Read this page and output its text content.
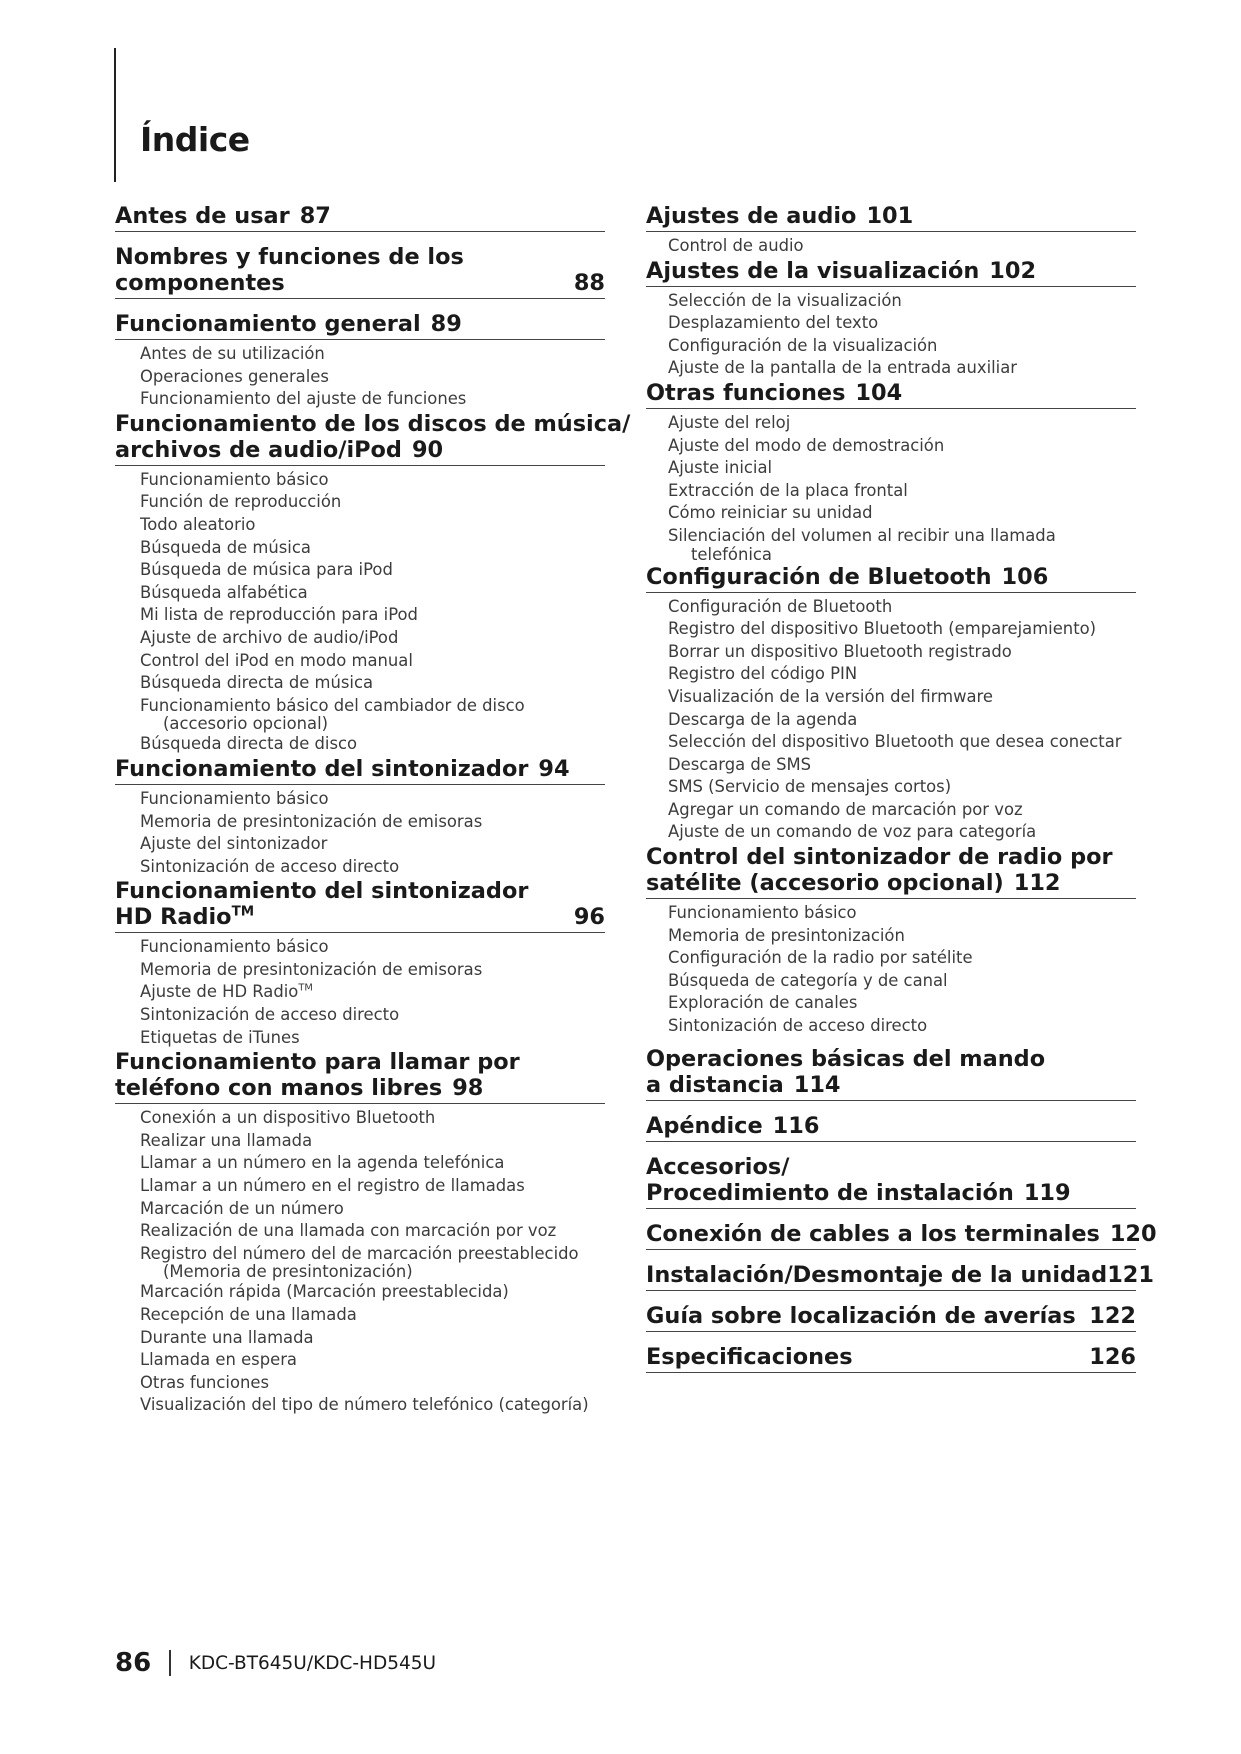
Índice
Antes de usar 87
Nombres y funciones de los
componentes	88
Funcionamiento general 89
Antes de su utilización
Operaciones generales
Funcionamiento del ajuste de funciones
Funcionamiento de los discos de música/
archivos de audio/iPod 90
Funcionamiento básico
Función de reproducción
Todo aleatorio
Búsqueda de música
Búsqueda de música para iPod
Búsqueda alfabética
Mi lista de reproducción para iPod
Ajuste de archivo de audio/iPod
Control del iPod en modo manual
Búsqueda directa de música
Funcionamiento básico del cambiador de disco
(accesorio opcional)
Búsqueda directa de disco
Funcionamiento del sintonizador 94
Funcionamiento básico
Memoria de presintonización de emisoras
Ajuste del sintonizador
Sintonización de acceso directo
Funcionamiento del sintonizador
HD Radio™	96
Funcionamiento básico
Memoria de presintonización de emisoras
Ajuste de HD Radio™
Sintonización de acceso directo
Etiquetas de iTunes
Funcionamiento para llamar por
teléfono con manos libres 98
Conexión a un dispositivo Bluetooth
Realizar una llamada
Llamar a un número en la agenda telefónica
Llamar a un número en el registro de llamadas
Marcación de un número
Realización de una llamada con marcación por voz
Registro del número del de marcación preestablecido
(Memoria de presintonización)
Marcación rápida (Marcación preestablecida)
Recepción de una llamada
Durante una llamada
Llamada en espera
Otras funciones
Visualización del tipo de número telefónico (categoría)
Ajustes de audio 101
Control de audio
Ajustes de la visualización 102
Selección de la visualización
Desplazamiento del texto
Configuración de la visualización
Ajuste de la pantalla de la entrada auxiliar
Otras funciones 104
Ajuste del reloj
Ajuste del modo de demostración
Ajuste inicial
Extracción de la placa frontal
Cómo reiniciar su unidad
Silenciación del volumen al recibir una llamada
telefónica
Configuración de Bluetooth 106
Configuración de Bluetooth
Registro del dispositivo Bluetooth (emparejamiento)
Borrar un dispositivo Bluetooth registrado
Registro del código PIN
Visualización de la versión del firmware
Descarga de la agenda
Selección del dispositivo Bluetooth que desea conectar
Descarga de SMS
SMS (Servicio de mensajes cortos)
Agregar un comando de marcación por voz
Ajuste de un comando de voz para categoría
Control del sintonizador de radio por
satélite (accesorio opcional) 112
Funcionamiento básico
Memoria de presintonización
Configuración de la radio por satélite
Búsqueda de categoría y de canal
Exploración de canales
Sintonización de acceso directo
Operaciones básicas del mando
a distancia 114
Apéndice 116
Accesorios/
Procedimiento de instalación 119
Conexión de cables a los terminales 120
Instalación/Desmontaje de la unidad 121
Guía sobre localización de averías 122
Especificaciones	126
86 KDC-BT645U/KDC-HD545U
